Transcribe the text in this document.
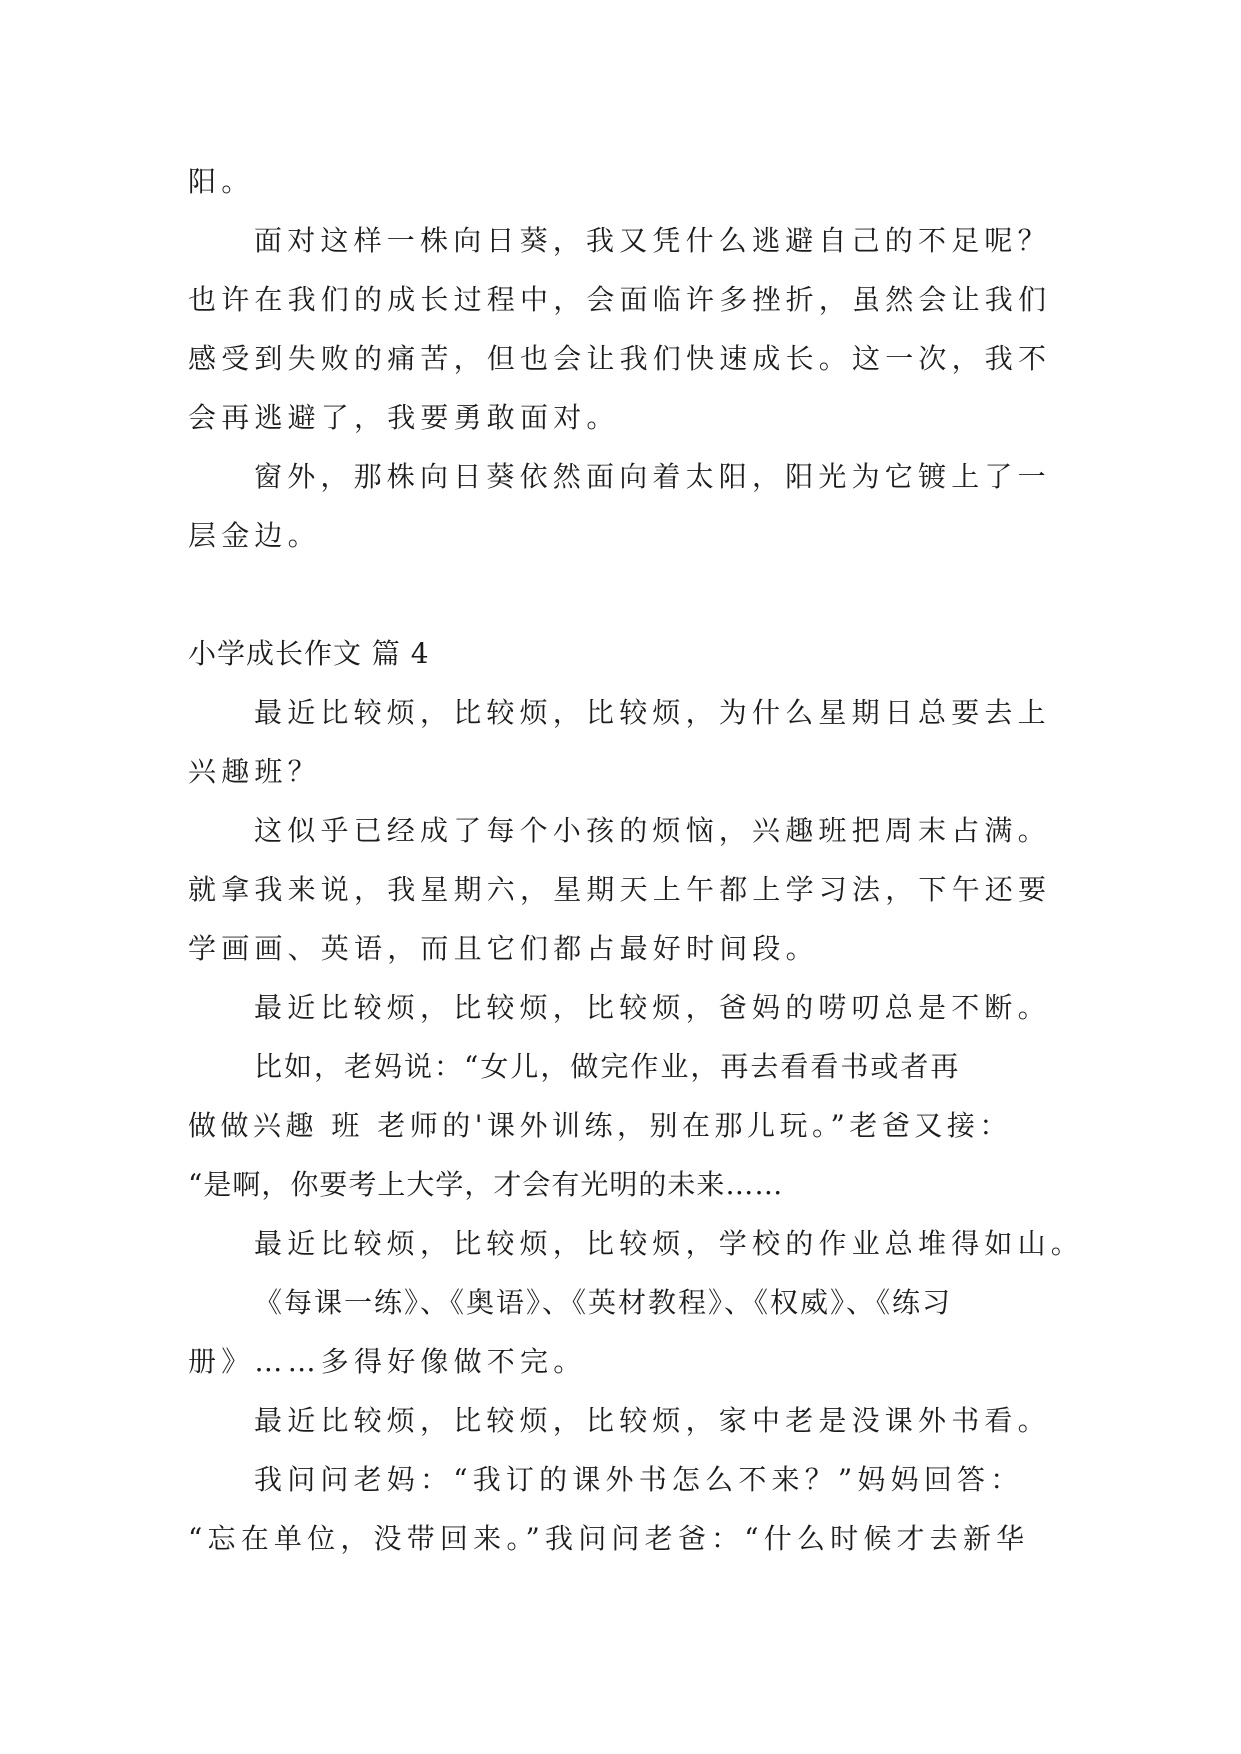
阳。
面对这样一株向日葵，我又凭什么逃避自己的不足呢？
也许在我们的成长过程中，会面临许多挫折，虽然会让我们
感受到失败的痛苦，但也会让我们快速成长。这一次，我不
会再逃避了，我要勇敢面对。
窗外，那株向日葵依然面向着太阳，阳光为它镀上了一
层金边。
小学成长作文 篇 4
最近比较烦，比较烦，比较烦，为什么星期日总要去上
兴趣班？
这似乎已经成了每个小孩的烦恼，兴趣班把周末占满。
就拿我来说，我星期六，星期天上午都上学习法，下午还要
学画画、英语，而且它们都占最好时间段。
最近比较烦，比较烦，比较烦，爸妈的唠叨总是不断。
比如，老妈说：“女儿，做完作业，再去看看书或者再
做做兴趣 班 老师的'课外训练，别在那儿玩。”老爸又接：
“是啊，你要考上大学，才会有光明的未来……
最近比较烦，比较烦，比较烦，学校的作业总堆得如山。
《每课一练》、《奥语》、《英材教程》、《权威》、《练习
册》……多得好像做不完。
最近比较烦，比较烦，比较烦，家中老是没课外书看。
我问问老妈：“我订的课外书怎么不来？”妈妈回答：
“忘在单位，没带回来。”我问问老爸：“什么时候才去新华
